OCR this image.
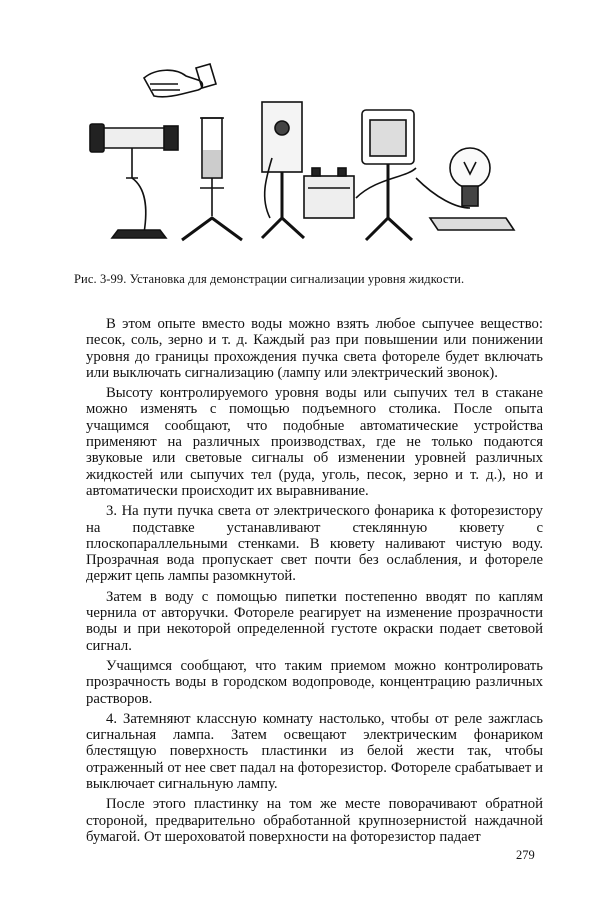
Рис. 3-99. Установка для демонстрации сигнализации уровня жидкости.

В этом опыте вместо воды можно взять любое сыпучее вещество: песок, соль, зерно и т. д. Каждый раз при повышении или понижении уровня до границы прохождения пучка света фотореле будет включать или выключать сигнализацию (лампу или электрический звонок).

Высоту контролируемого уровня воды или сыпучих тел в стакане можно изменять с помощью подъемного столика. После опыта учащимся сообщают, что подобные автоматические устройства применяют на различных производствах, где не только подаются звуковые или световые сигналы об изменении уровней различных жидкостей или сыпучих тел (руда, уголь, песок, зерно и т. д.), но и автоматически происходит их выравнивание.

3. На пути пучка света от электрического фонарика к фоторезистору на подставке устанавливают стеклянную кювету с плоскопараллельными стенками. В кювету наливают чистую воду. Прозрачная вода пропускает свет почти без ослабления, и фотореле держит цепь лампы разомкнутой.

Затем в воду с помощью пипетки постепенно вводят по каплям чернила от авторучки. Фотореле реагирует на изменение прозрачности воды и при некоторой определенной густоте окраски подает световой сигнал.

Учащимся сообщают, что таким приемом можно контролировать прозрачность воды в городском водопроводе, концентрацию различных растворов.

4. Затемняют классную комнату настолько, чтобы от реле зажглась сигнальная лампа. Затем освещают электрическим фонариком блестящую поверхность пластинки из белой жести так, чтобы отраженный от нее свет падал на фоторезистор. Фотореле срабатывает и выключает сигнальную лампу.

После этого пластинку на том же месте поворачивают обратной стороной, предварительно обработанной крупнозернистой наждачной бумагой. От шероховатой поверхности на фоторезистор падает

279
